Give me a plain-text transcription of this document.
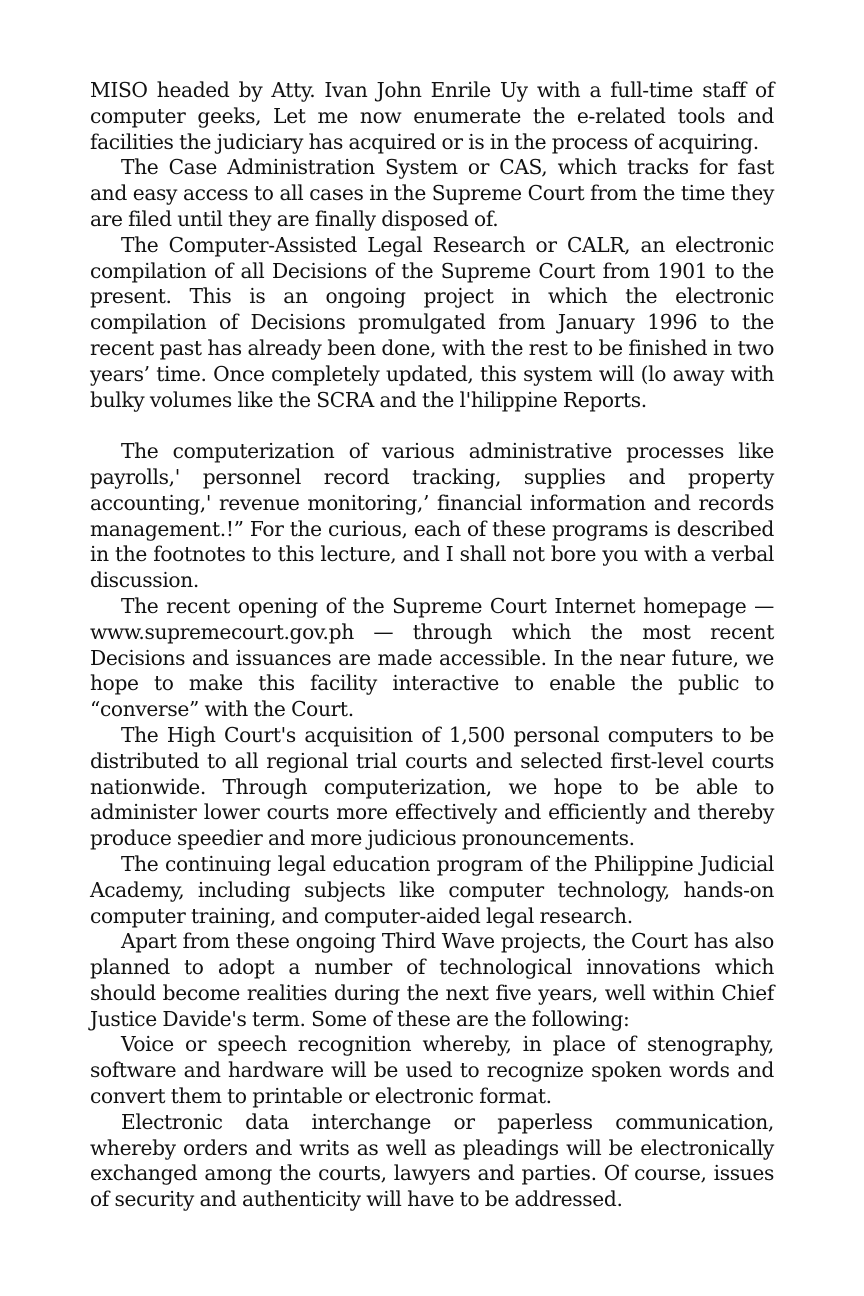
MISO headed by Atty. Ivan John Enrile Uy with a full-time staff of computer geeks, Let me now enumerate the e-related tools and facilities the judiciary has acquired or is in the process of acquiring.

The Case Administration System or CAS, which tracks for fast and easy access to all cases in the Supreme Court from the time they are filed until they are finally disposed of.

The Computer-Assisted Legal Research or CALR, an electronic compilation of all Decisions of the Supreme Court from 1901 to the present. This is an ongoing project in which the electronic compilation of Decisions promulgated from January 1996 to the recent past has already been done, with the rest to be finished in two years’ time. Once completely updated, this system will (lo away with bulky volumes like the SCRA and the l'hilippine Reports.

The computerization of various administrative processes like payrolls,' personnel record tracking, supplies and property accounting,' revenue monitoring,’ financial information and records management.!” For the curious, each of these programs is described in the footnotes to this lecture, and I shall not bore you with a verbal discussion.

The recent opening of the Supreme Court Internet homepage —www.supremecourt.gov.ph — through which the most recent Decisions and issuances are made accessible. In the near future, we hope to make this facility interactive to enable the public to “converse” with the Court.

The High Court's acquisition of 1,500 personal computers to be distributed to all regional trial courts and selected first-level courts nationwide. Through computerization, we hope to be able to administer lower courts more effectively and efficiently and thereby produce speedier and more judicious pronouncements.

The continuing legal education program of the Philippine Judicial Academy, including subjects like computer technology, hands-on computer training, and computer-aided legal research.

Apart from these ongoing Third Wave projects, the Court has also planned to adopt a number of technological innovations which should become realities during the next five years, well within Chief Justice Davide's term. Some of these are the following:

Voice or speech recognition whereby, in place of stenography, software and hardware will be used to recognize spoken words and convert them to printable or electronic format.

Electronic data interchange or paperless communication, whereby orders and writs as well as pleadings will be electronically exchanged among the courts, lawyers and parties. Of course, issues of security and authenticity will have to be addressed.
